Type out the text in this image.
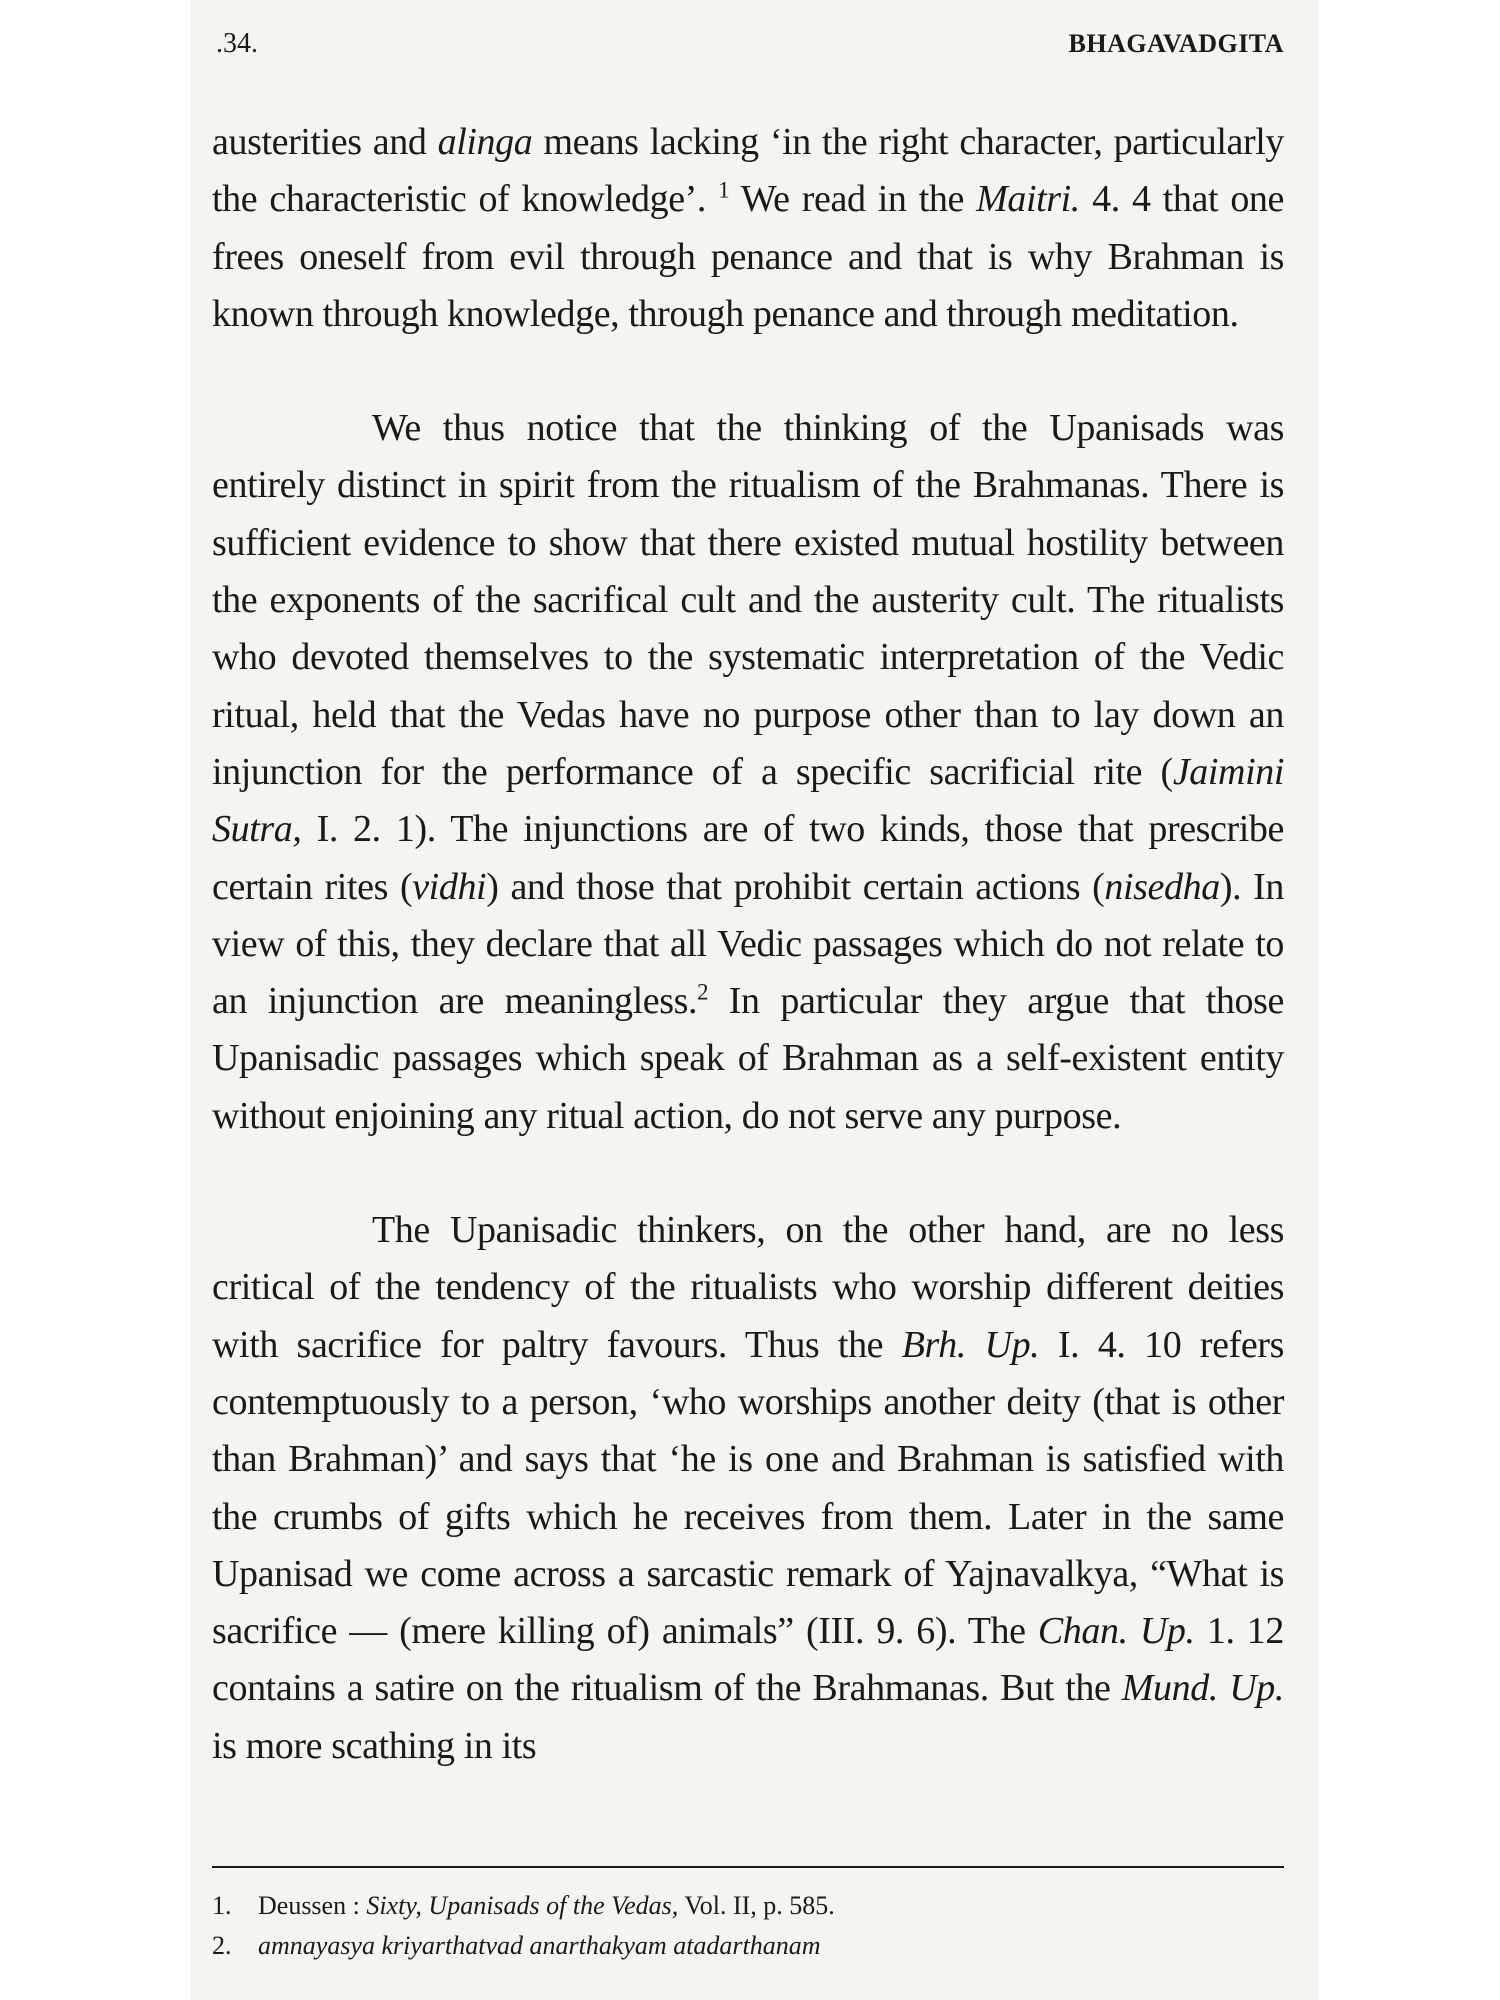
.34.	BHAGAVADGITA

austerities and alinga means lacking ‘in the right character, particularly the characteristic of knowledge’. $^1$ We read in the Maitri. 4. 4 that one frees oneself from evil through penance and that is why Brahman is known through knowledge, through penance and through meditation.

We thus notice that the thinking of the Upanisads was entirely distinct in spirit from the ritualism of the Brahmanas. There is sufficient evidence to show that there existed mutual hostility between the exponents of the sacrifical cult and the austerity cult. The ritualists who devoted themselves to the systematic interpretation of the Vedic ritual, held that the Vedas have no purpose other than to lay down an injunction for the performance of a specific sacrificial rite (Jaimini Sutra, I. 2. 1). The injunctions are of two kinds, those that prescribe certain rites (vidhi) and those that prohibit certain actions (nisedha). In view of this, they declare that all Vedic passages which do not relate to an injunction are meaningless.$^2$ In particular they argue that those Upanisadic passages which speak of Brahman as a self-existent entity without enjoining any ritual action, do not serve any purpose.

The Upanisadic thinkers, on the other hand, are no less critical of the tendency of the ritualists who worship different deities with sacrifice for paltry favours. Thus the Brh. Up. I. 4. 10 refers contemptuously to a person, ‘who worships another deity (that is other than Brahman)’ and says that ‘he is one and Brahman is satisfied with the crumbs of gifts which he receives from them. Later in the same Upanisad we come across a sarcastic remark of Yajnavalkya, “What is sacrifice — (mere killing of) animals” (III. 9. 6). The Chan. Up. 1. 12 contains a satire on the ritualism of the Brahmanas. But the Mund. Up. is more scathing in its

1.	Deussen : Sixty, Upanisads of the Vedas, Vol. II, p. 585.
2.	amnayasya kriyarthatvad anarthakyam atadarthanam
